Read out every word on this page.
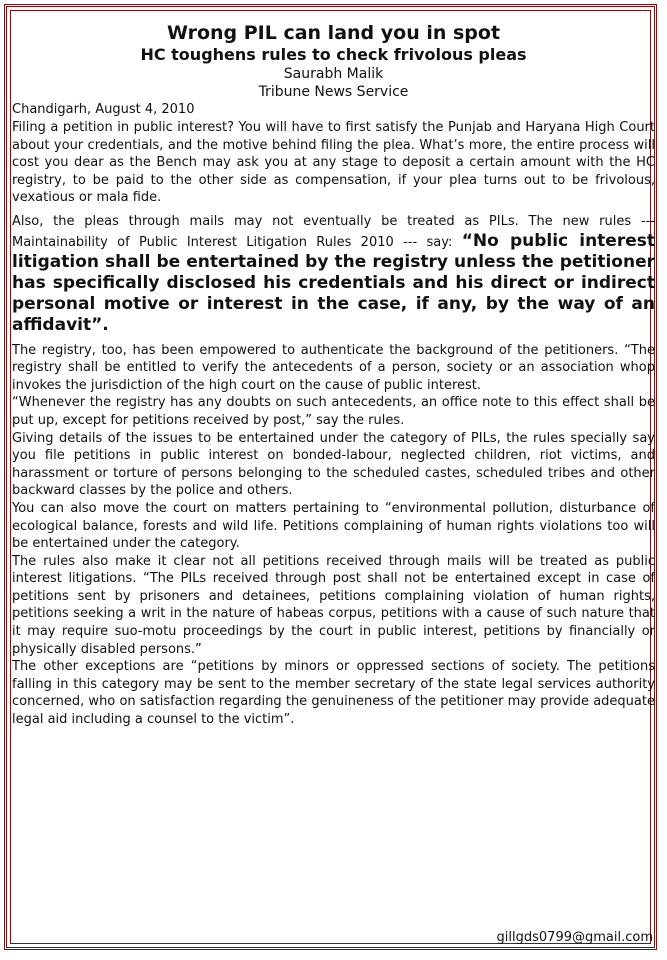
Wrong PIL can land you in spot
HC toughens rules to check frivolous pleas
Saurabh Malik
Tribune News Service
Chandigarh, August 4, 2010

Filing a petition in public interest? You will have to first satisfy the Punjab and Haryana High Court about your credentials, and the motive behind filing the plea. What’s more, the entire process will cost you dear as the Bench may ask you at any stage to deposit a certain amount with the HC registry, to be paid to the other side as compensation, if your plea turns out to be frivolous, vexatious or mala fide.

Also, the pleas through mails may not eventually be treated as PILs. The new rules --- Maintainability of Public Interest Litigation Rules 2010 --- say: “No public interest litigation shall be entertained by the registry unless the petitioner has specifically disclosed his credentials and his direct or indirect personal motive or interest in the case, if any, by the way of an affidavit”.

The registry, too, has been empowered to authenticate the background of the petitioners. “The registry shall be entitled to verify the antecedents of a person, society or an association whop invokes the jurisdiction of the high court on the cause of public interest.

“Whenever the registry has any doubts on such antecedents, an office note to this effect shall be put up, except for petitions received by post,” say the rules.

Giving details of the issues to be entertained under the category of PILs, the rules specially say you file petitions in public interest on bonded-labour, neglected children, riot victims, and harassment or torture of persons belonging to the scheduled castes, scheduled tribes and other backward classes by the police and others.

You can also move the court on matters pertaining to “environmental pollution, disturbance of ecological balance, forests and wild life. Petitions complaining of human rights violations too will be entertained under the category.

The rules also make it clear not all petitions received through mails will be treated as public interest litigations. “The PILs received through post shall not be entertained except in case of petitions sent by prisoners and detainees, petitions complaining violation of human rights, petitions seeking a writ in the nature of habeas corpus, petitions with a cause of such nature that it may require suo-motu proceedings by the court in public interest, petitions by financially or physically disabled persons.”

The other exceptions are “petitions by minors or oppressed sections of society. The petitions falling in this category may be sent to the member secretary of the state legal services authority concerned, who on satisfaction regarding the genuineness of the petitioner may provide adequate legal aid including a counsel to the victim”.

gillgds0799@gmail.com
